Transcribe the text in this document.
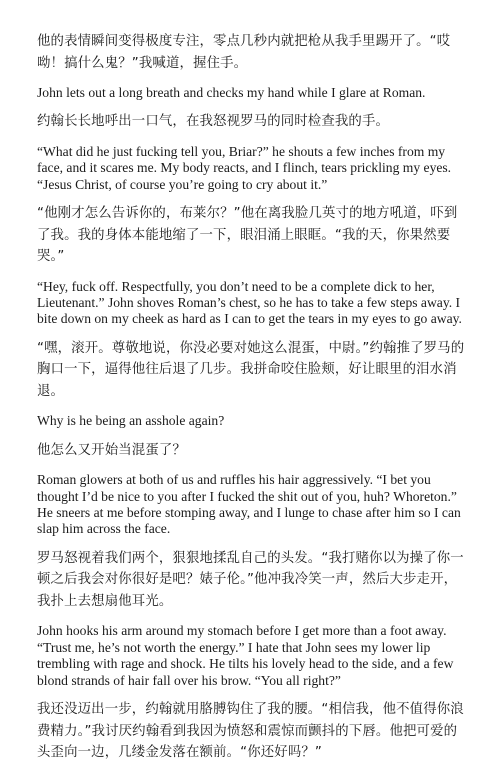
他的表情瞬间变得极度专注，零点几秒内就把枪从我手里踢开了。“哎呦！搞什么鬼？”我喊道，握住手。

John lets out a long breath and checks my hand while I glare at Roman.

约翰长长地呼出一口气，在我怒视罗马的同时检查我的手。

“What did he just fucking tell you, Briar?” he shouts a few inches from my face, and it scares me. My body reacts, and I flinch, tears prickling my eyes. “Jesus Christ, of course you’re going to cry about it.”

“他刚才怎么告诉你的，布莱尔？”他在离我脸几英寸的地方吼道，吓到了我。我的身体本能地缩了一下，眼泪涌上眼眶。“我的天，你果然要哭。”

“Hey, fuck off. Respectfully, you don’t need to be a complete dick to her, Lieutenant.” John shoves Roman’s chest, so he has to take a few steps away. I bite down on my cheek as hard as I can to get the tears in my eyes to go away.

“嘿，滚开。尊敬地说，你没必要对她这么混蛋，中尉。”约翰推了罗马的胸口一下，逼得他往后退了几步。我拼命咬住脸颊，好让眼里的泪水消退。

Why is he being an asshole again?

他怎么又开始当混蛋了？

Roman glowers at both of us and ruffles his hair aggressively. “I bet you thought I’d be nice to you after I fucked the shit out of you, huh? Whoreton.” He sneers at me before stomping away, and I lunge to chase after him so I can slap him across the face.

罗马怒视着我们两个，狠狠地揉乱自己的头发。“我打赌你以为操了你一顿之后我会对你很好是吧？婊子伦。”他冲我冷笑一声，然后大步走开，我扑上去想扇他耳光。

John hooks his arm around my stomach before I get more than a foot away. “Trust me, he’s not worth the energy.” I hate that John sees my lower lip trembling with rage and shock. He tilts his lovely head to the side, and a few blond strands of hair fall over his brow. “You all right?”

我还没迈出一步，约翰就用胳膊钩住了我的腰。“相信我，他不值得你浪费精力。”我讨厌约翰看到我因为愤怒和震惊而颤抖的下唇。他把可爱的头歪向一边，几缕金发落在额前。“你还好吗？”
